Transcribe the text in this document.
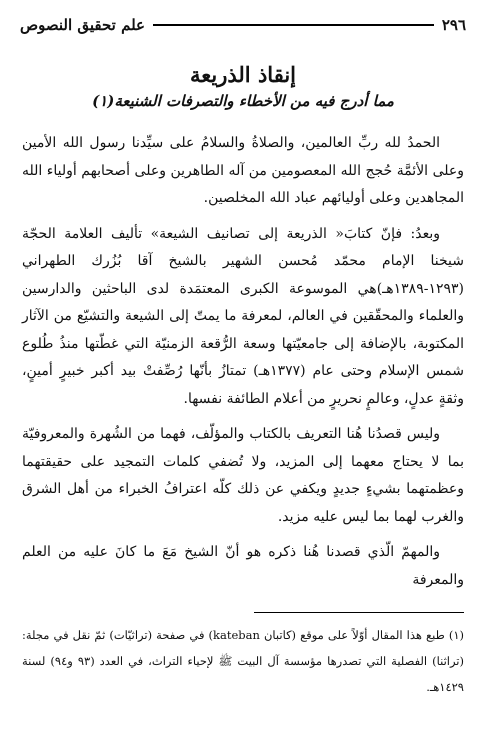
٢٩٦
علم تحقيق النصوص
إنقاذ الذريعة
مما أدرج فيه من الأخطاء والتصرفات الشنيعة(١)

الحمدُ لله ربِّ العالمين، والصلاةُ والسلامُ على سيِّدنا رسول الله الأمين وعلى الأئمَّة حُجج الله المعصومين من آله الطاهرين وعلى أصحابهم أولياء الله المجاهدين وعلى أوليائهم عباد الله المخلصين.

وبعدُ: فإنّ كتابَ« الذريعة إلى تصانيف الشيعة» تأليف العلامة الحجّة شيخنا الإمام محمّد مُحسن الشهير بالشيخ آقا بُزُرك الطهراني (١٢٩٣-١٣٨٩هـ)هي الموسوعة الكبرى المعتمَدة لدى الباحثين والدارسين والعلماء والمحقّقين في العالم، لمعرفة ما يمتّ إلى الشيعة والتشيّع من الآثار المكتوبة، بالإضافة إلى جامعيّتها وسعة الرُّقعة الزمنيّة التي غطّتها منذُ طُلوع شمس الإسلام وحتى عام (١٣٧٧هـ) تمتازُ بأنّها رُصِّفتْ بيد أكبر خبيرٍ أمينٍ، وثقةٍ عدلٍ، وعالمٍ نحريرٍ من أعلام الطائفة نفسها.

وليس قصدُنا هُنا التعريف بالكتاب والمؤلّف، فهما من الشُهرة والمعروفيّة بما لا يحتاج معهما إلى المزيد، ولا تُضفي كلمات التمجيد على حقيقتهما وعظمتهما بشيءٍ جديدٍ ويكفي عن ذلك كلّه اعترافُ الخبراء من أهل الشرق والغرب لهما بما ليس عليه مزيد.

والمهمّ الّذي قصدنا هُنا ذكره هو أنّ الشيخ مَعَ ما كانَ عليه من العلم والمعرفة

(١) طبع هذا المقال أوّلاً على موقع (كاتبان kateban) في صفحة (تراثيّات) ثمّ نقل في مجلة: (تراثنا) الفصلية التي تصدرها مؤسسة آل البيت ﷺ لإحياء التراث، في العدد (٩٣ و٩٤) لسنة ١٤٢٩هـ.
